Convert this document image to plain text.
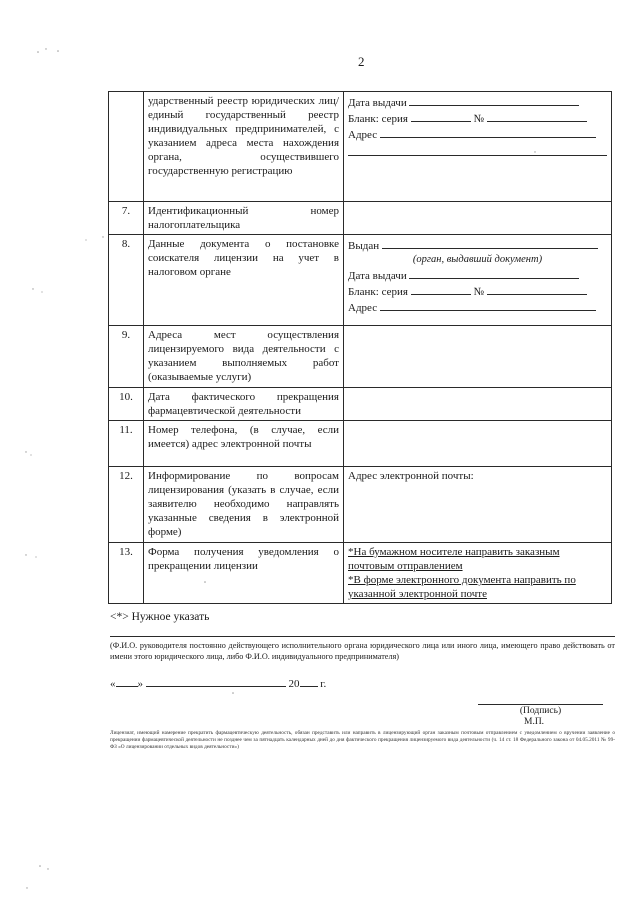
2
	ударственный реестр юридических лиц/единый государственный реестр индивидуальных предпринимателей, с указанием адреса места нахождения органа, осуществившего государственную регистрацию	Дата выдачи
Бланк: серия №
Адрес

7.	Идентификационный номер налогоплательщика	
8.	Данные документа о постановке соискателя лицензии на учет в налоговом органе	Выдан
(орган, выдавший документ)
Дата выдачи
Бланк: серия №
Адрес

9.	Адреса мест осуществления лицензируемого вида деятельности с указанием выполняемых работ (оказываемые услуги)	
10.	Дата фактического прекращения фармацевтической деятельности	
11.	Номер телефона, (в случае, если имеется) адрес электронной почты	
12.	Информирование по вопросам лицензирования (указать в случае, если заявителю необходимо направлять указанные сведения в электронной форме)	Адрес электронной почты:
13.	Форма получения уведомления о прекращении лицензии	*На бумажном носителе направить заказным почтовым отправлением
*В форме электронного документа направить по указанной электронной почте
<*> Нужное указать
(Ф.И.О. руководителя постоянно действующего исполнительного органа юридического лица или иного лица, имеющего право действовать от имени этого юридического лица, либо Ф.И.О. индивидуального предпринимателя)
« »	20 г.
(Подпись)
М.П.
Лицензиат, имеющий намерение прекратить фармацевтическую деятельность, обязан представить или направить в лицензирующий орган заказным почтовым отправлением с уведомлением о вручении заявление о прекращении фармацевтической деятельности не позднее чем за пятнадцать календарных дней до дня фактического прекращения лицензируемого вида деятельности (ч. 14 ст. 18 Федерального закона от 04.05.2011 № 99-ФЗ «О лицензировании отдельных видов деятельности»)
